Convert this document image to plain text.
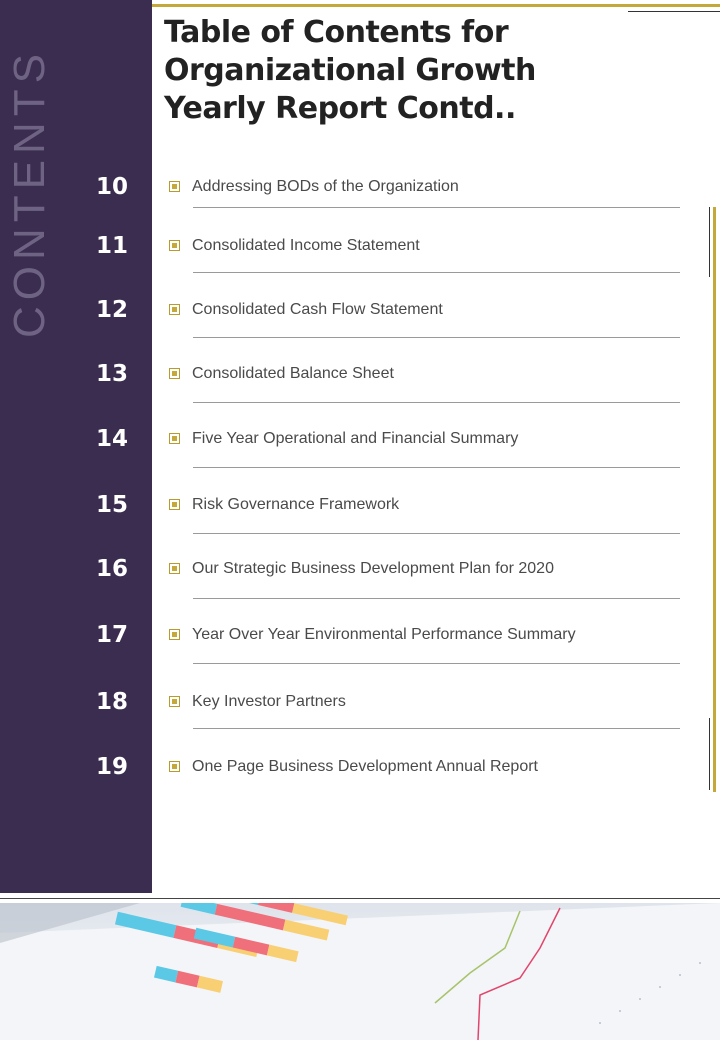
CONTENTS
Table of Contents for Organizational Growth Yearly Report Contd..
10	Addressing BODs of the Organization
11	Consolidated Income Statement
12	Consolidated Cash Flow Statement
13	Consolidated Balance Sheet
14	Five Year Operational and Financial Summary
15	Risk Governance Framework
16	Our Strategic Business Development Plan for 2020
17	Year Over Year Environmental Performance Summary
18	Key Investor Partners
19	One Page Business Development Annual Report
